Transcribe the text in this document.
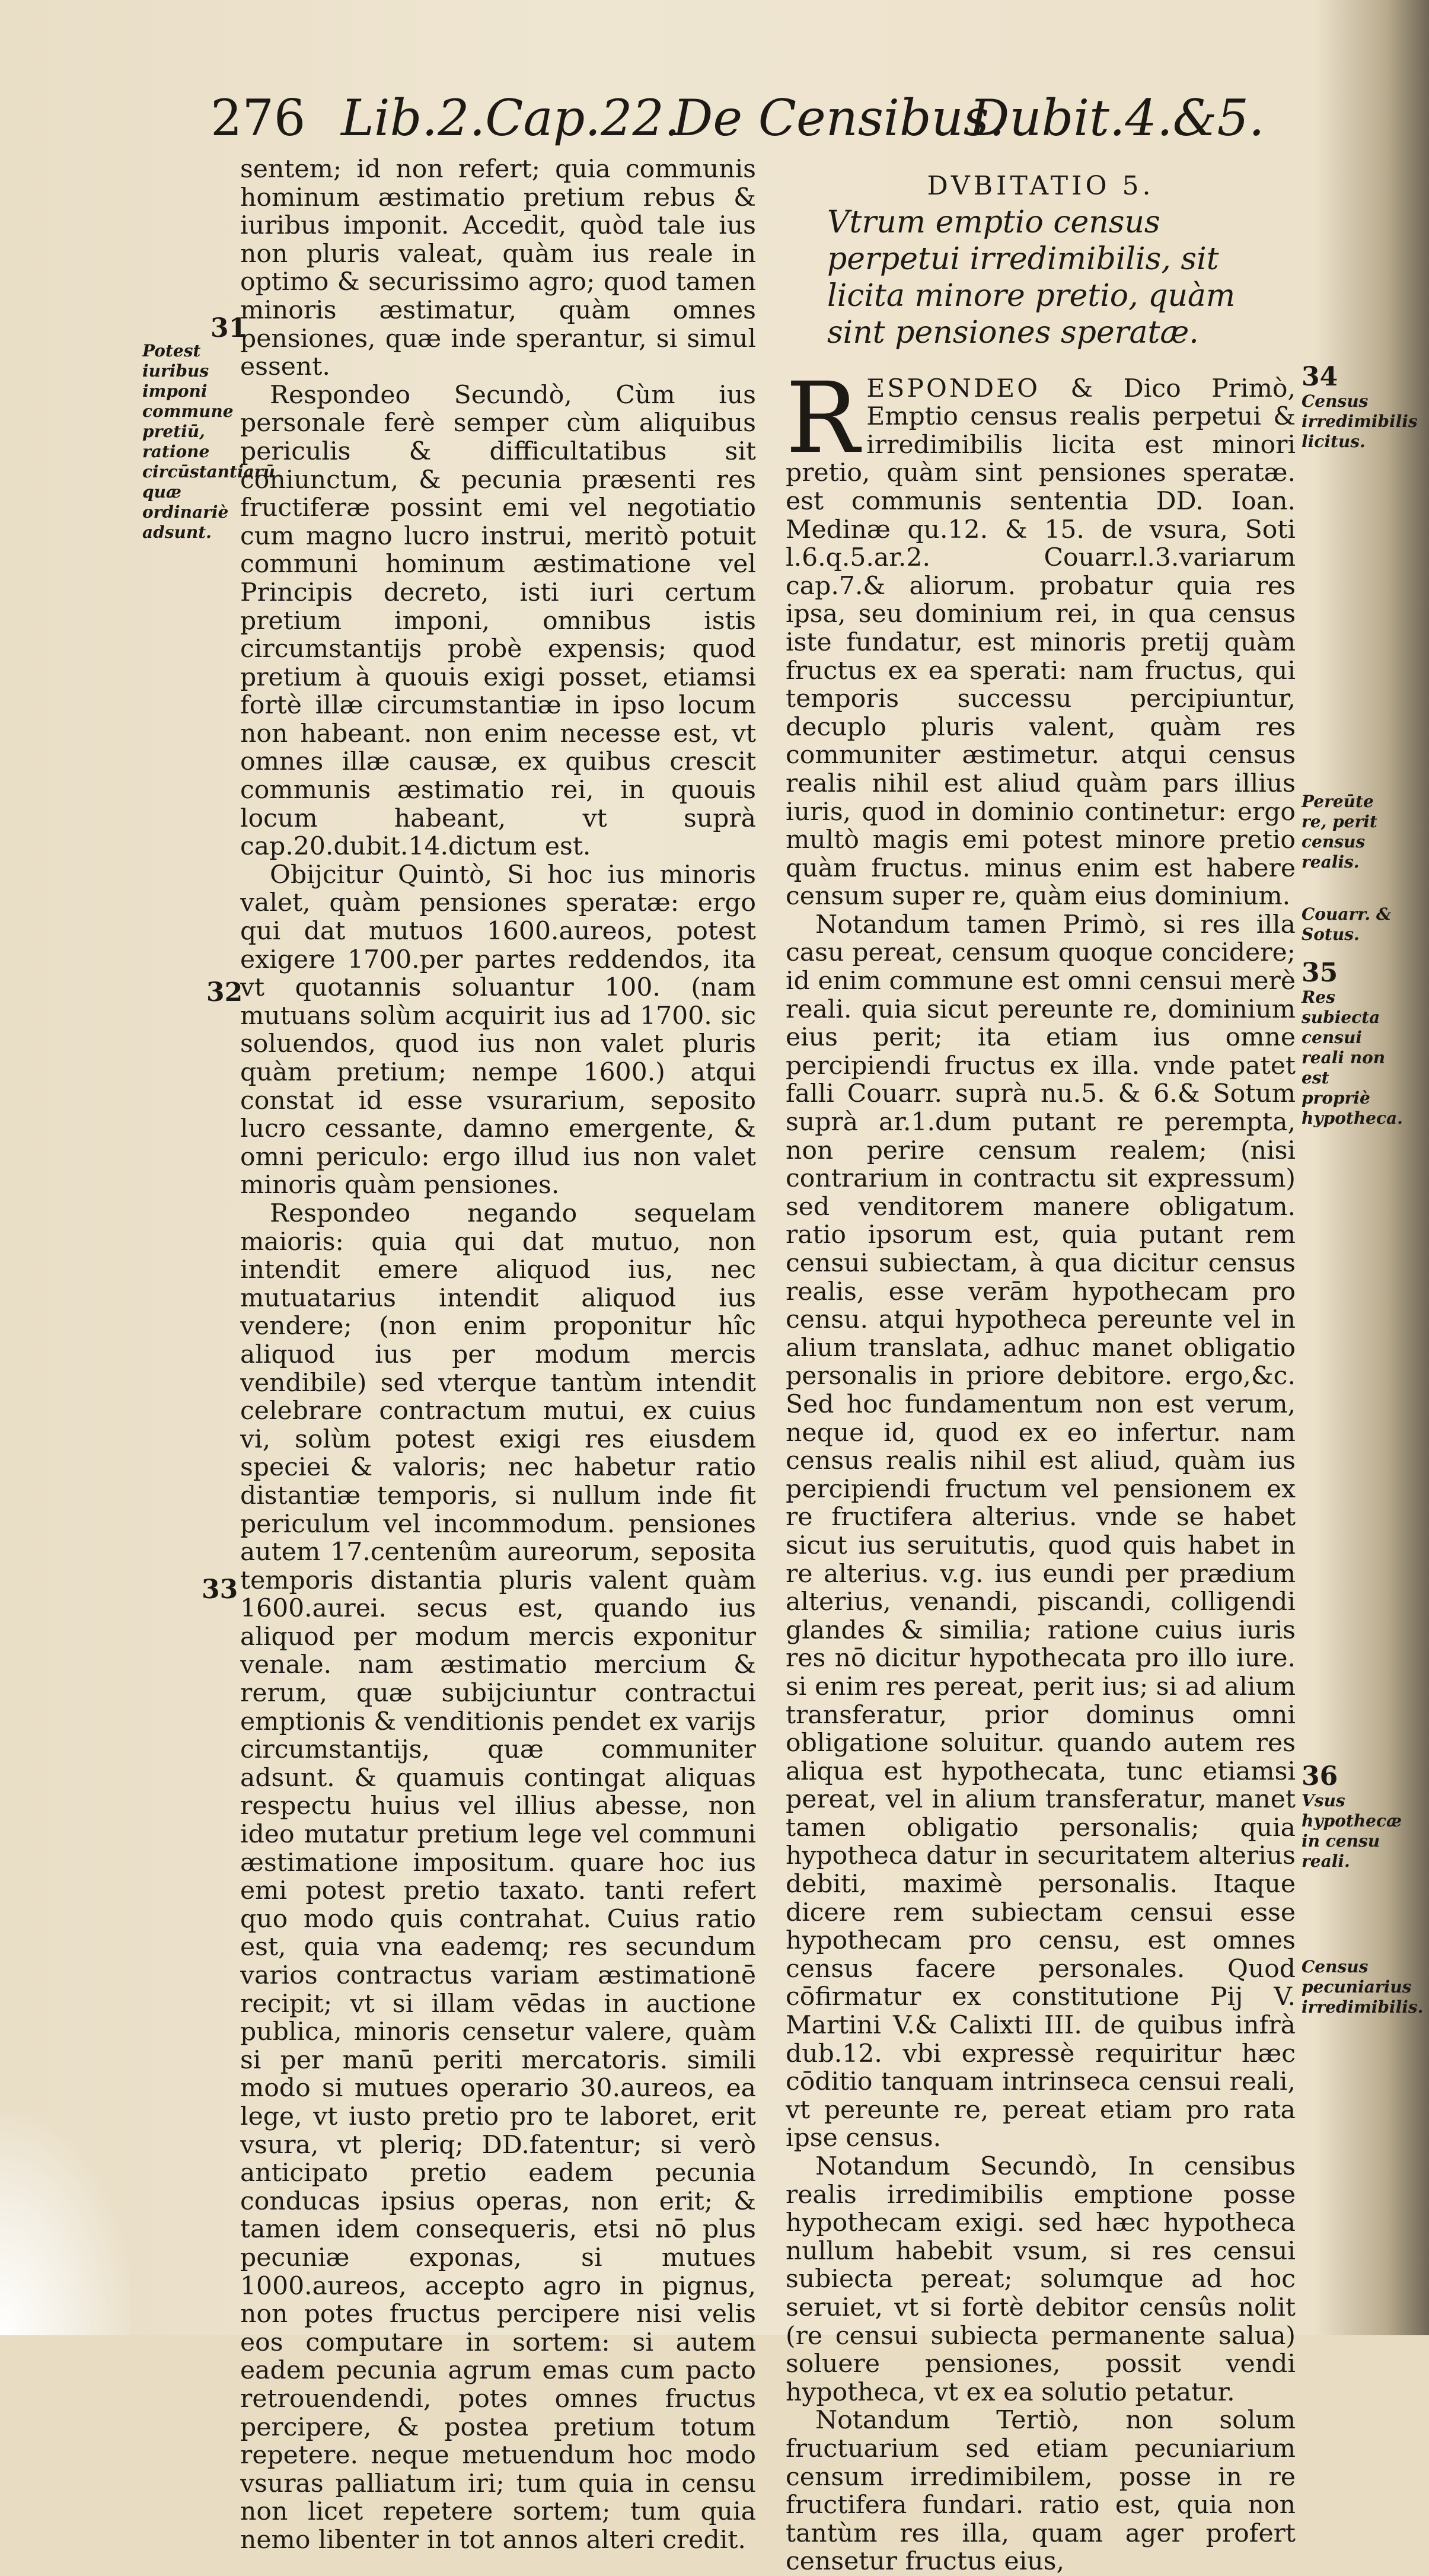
276 Lib.2.Cap.22.
De Censibus.
Dubit.4.&5.

sentem; id non refert; quia communis hominum æstimatio pretium rebus & iuribus imponit. Accedit, quòd tale ius non pluris valeat, quàm ius reale in optimo & securissimo agro; quod tamen minoris æstimatur, quàm omnes pensiones, quæ inde sperantur, si simul essent.

Respondeo Secundò, Cùm ius personale ferè semper cùm aliquibus periculis & difficultatibus sit coniunctum, & pecunia præsenti res fructiferæ possint emi vel negotiatio cum magno lucro instrui, meritò potuit communi hominum æstimatione vel Principis decreto, isti iuri certum pretium imponi, omnibus istis circumstantijs probè expensis; quod pretium à quouis exigi posset, etiamsi fortè illæ circumstantiæ in ipso locum non habeant. non enim necesse est, vt omnes illæ causæ, ex quibus crescit communis æstimatio rei, in quouis locum habeant, vt suprà cap.20.dubit.14.dictum est.

Obijcitur Quintò, Si hoc ius minoris valet, quàm pensiones speratæ: ergo qui dat mutuos 1600.aureos, potest exigere 1700.per partes reddendos, ita vt quotannis soluantur 100. (nam mutuans solùm acquirit ius ad 1700. sic soluendos, quod ius non valet pluris quàm pretium; nempe 1600.) atqui constat id esse vsurarium, seposito lucro cessante, damno emergente, & omni periculo: ergo illud ius non valet minoris quàm pensiones.

Respondeo negando sequelam maioris: quia qui dat mutuo, non intendit emere aliquod ius, nec mutuatarius intendit aliquod ius vendere; (non enim proponitur hîc aliquod ius per modum mercis vendibile) sed vterque tantùm intendit celebrare contractum mutui, ex cuius vi, solùm potest exigi res eiusdem speciei & valoris; nec habetur ratio distantiæ temporis, si nullum inde fit periculum vel incommodum. pensiones autem 17.centenûm aureorum, seposita temporis distantia pluris valent quàm 1600.aurei. secus est, quando ius aliquod per modum mercis exponitur venale. nam æstimatio mercium & rerum, quæ subijciuntur contractui emptionis & venditionis pendet ex varijs circumstantijs, quæ communiter adsunt. & quamuis contingat aliquas respectu huius vel illius abesse, non ideo mutatur pretium lege vel communi æstimatione impositum. quare hoc ius emi potest pretio taxato. tanti refert quo modo quis contrahat. Cuius ratio est, quia vna eademq; res secundum varios contractus variam æstimationē recipit; vt si illam vēdas in auctione publica, minoris censetur valere, quàm si per manū periti mercatoris. simili modo si mutues operario 30.aureos, ea lege, vt iusto pretio pro te laboret, erit vsura, vt pleriq; DD.fatentur; si verò anticipato pretio eadem pecunia conducas ipsius operas, non erit; & tamen idem consequeris, etsi nō plus pecuniæ exponas, si mutues 1000.aureos, accepto agro in pignus, non potes fructus percipere nisi velis eos computare in sortem: si autem eadem pecunia agrum emas cum pacto retrouendendi, potes omnes fructus percipere, & postea pretium totum repetere. neque metuendum hoc modo vsuras palliatum iri; tum quia in censu non licet repetere sortem; tum quia nemo libenter in tot annos alteri credit.

31
Potest iuribus imponi commune pretiū, ratione circūstantiarū quæ ordinariè adsunt.
32
33
DVBITATIO 5.
Vtrum emptio census perpetui irredimibilis, sit licita minore pretio, quàm sint pensiones speratæ.

RESPONDEO & Dico Primò, Emptio census realis perpetui & irredimibilis licita est minori pretio, quàm sint pensiones speratæ. est communis sententia DD. Ioan. Medinæ qu.12. & 15. de vsura, Soti l.6.q.5.ar.2. Couarr.l.3.variarum cap.7.& aliorum. probatur quia res ipsa, seu dominium rei, in qua census iste fundatur, est minoris pretij quàm fructus ex ea sperati: nam fructus, qui temporis successu percipiuntur, decuplo pluris valent, quàm res communiter æstimetur. atqui census realis nihil est aliud quàm pars illius iuris, quod in dominio continetur: ergo multò magis emi potest minore pretio quàm fructus. minus enim est habere censum super re, quàm eius dominium.

Notandum tamen Primò, si res illa casu pereat, censum quoque concidere; id enim commune est omni censui merè reali. quia sicut pereunte re, dominium eius perit; ita etiam ius omne percipiendi fructus ex illa. vnde patet falli Couarr. suprà nu.5. & 6.& Sotum suprà ar.1.dum putant re perempta, non perire censum realem; (nisi contrarium in contractu sit expressum) sed venditorem manere obligatum. ratio ipsorum est, quia putant rem censui subiectam, à qua dicitur census realis, esse verām hypothecam pro censu. atqui hypotheca pereunte vel in alium translata, adhuc manet obligatio personalis in priore debitore. ergo,&c. Sed hoc fundamentum non est verum, neque id, quod ex eo infertur. nam census realis nihil est aliud, quàm ius percipiendi fructum vel pensionem ex re fructifera alterius. vnde se habet sicut ius seruitutis, quod quis habet in re alterius. v.g. ius eundi per prædium alterius, venandi, piscandi, colligendi glandes & similia; ratione cuius iuris res nō dicitur hypothecata pro illo iure. si enim res pereat, perit ius; si ad alium transferatur, prior dominus omni obligatione soluitur. quando autem res aliqua est hypothecata, tunc etiamsi pereat, vel in alium transferatur, manet tamen obligatio personalis; quia hypotheca datur in securitatem alterius debiti, maximè personalis. Itaque dicere rem subiectam censui esse hypothecam pro censu, est omnes census facere personales. Quod cōfirmatur ex constitutione Pij V. Martini V.& Calixti III. de quibus infrà dub.12. vbi expressè requiritur hæc cōditio tanquam intrinseca censui reali, vt pereunte re, pereat etiam pro rata ipse census.

Notandum Secundò, In censibus realis irredimibilis emptione posse hypothecam exigi. sed hæc hypotheca nullum habebit vsum, si res censui subiecta pereat; solumque ad hoc seruiet, vt si fortè debitor censûs nolit (re censui subiecta permanente salua) soluere pensiones, possit vendi hypotheca, vt ex ea solutio petatur.

Notandum Tertiò, non solum fructuarium sed etiam pecuniarium censum irredimibilem, posse in re fructifera fundari. ratio est, quia non tantùm res illa, quam ager profert censetur fructus eius,

34
Census irredimibilis licitus.
Pereūte re, perit census realis.
Couarr. & Sotus.
35
Res subiecta censui reali non est propriè hypotheca.
36
Vsus hypothecæ in censu reali.
Census pecuniarius irredimibilis.
